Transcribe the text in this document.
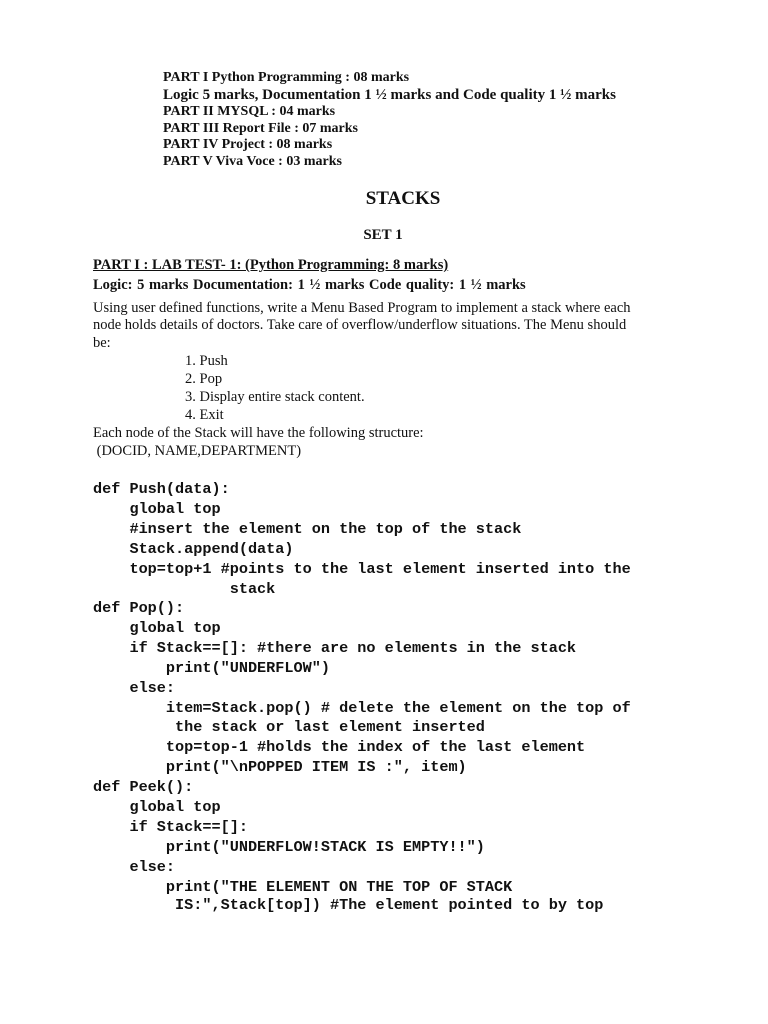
PART I Python Programming : 08 marks
Logic 5 marks, Documentation 1 ½ marks and Code quality 1 ½ marks
PART II MYSQL : 04 marks
PART III Report File : 07 marks
PART IV Project : 08 marks
PART V Viva Voce : 03 marks
STACKS
SET 1
PART I : LAB TEST- 1: (Python Programming: 8 marks)
Logic: 5 marks Documentation: 1 ½ marks Code quality: 1 ½ marks
Using user defined functions, write a Menu Based Program to implement a stack where each
node holds details of doctors. Take care of overflow/underflow situations. The Menu should
be:
1. Push
2. Pop
3. Display entire stack content.
4. Exit
Each node of the Stack will have the following structure:
(DOCID, NAME,DEPARTMENT)
def Push(data):
global top
#insert the element on the top of the stack
Stack.append(data)
top=top+1 #points to the last element inserted into the
stack
def Pop():
global top
if Stack==[]: #there are no elements in the stack
print("UNDERFLOW")
else:
item=Stack.pop() # delete the element on the top of
the stack or last element inserted
top=top-1 #holds the index of the last element
print("\nPOPPED ITEM IS :", item)
def Peek():
global top
if Stack==[]:
print("UNDERFLOW!STACK IS EMPTY!!")
else:
print("THE ELEMENT ON THE TOP OF STACK
IS:",Stack[top]) #The element pointed to by top
